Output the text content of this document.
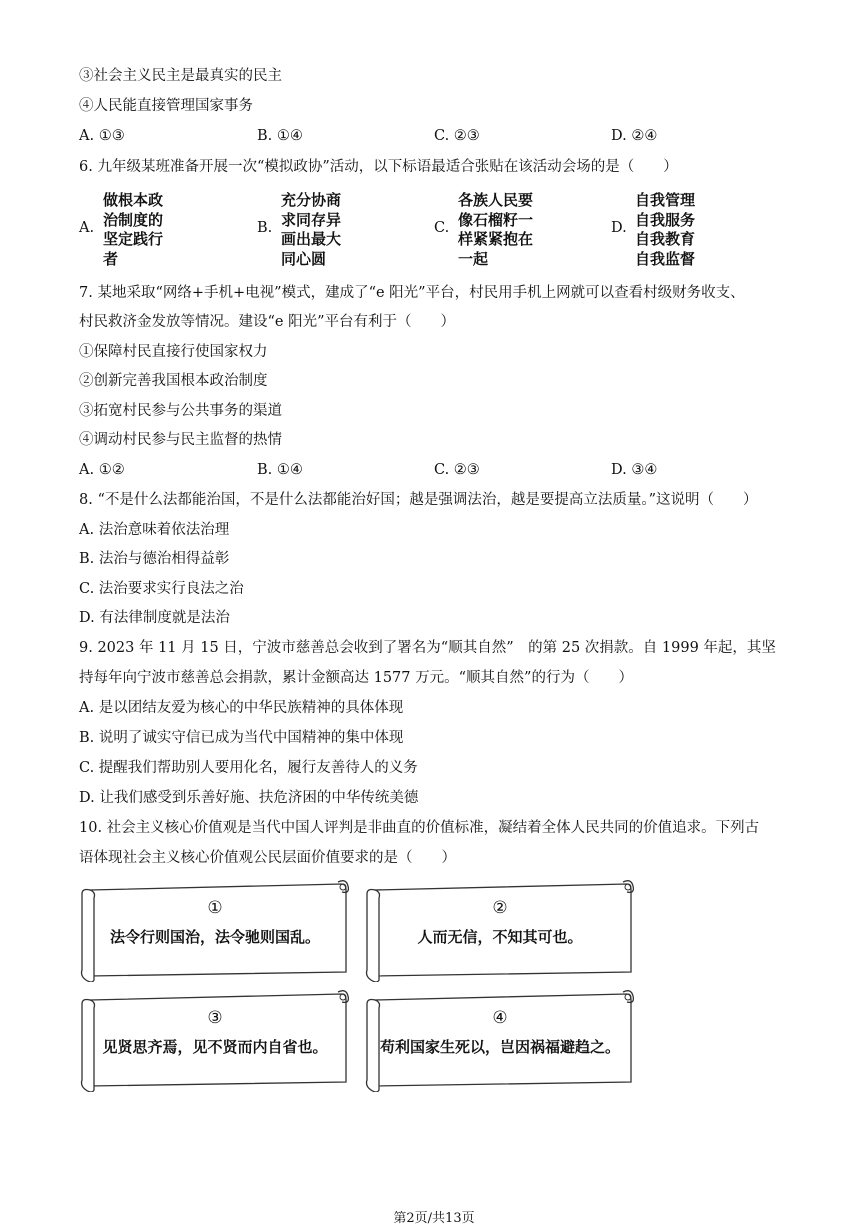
③社会主义民主是最真实的民主
④人民能直接管理国家事务
A. ①③	B. ①④	C. ②③	D. ②④
6. 九年级某班准备开展一次“模拟政协”活动，以下标语最适合张贴在该活动会场的是（　　）
A.
做根本政治制度的坚定践行者
B.
充分协商求同存异画出最大同心圆
C.
各族人民要像石榴籽一样紧紧抱在一起
D.
自我管理自我服务自我教育自我监督
7. 某地采取“网络+手机+电视”模式，建成了“e 阳光”平台，村民用手机上网就可以查看村级财务收支、
村民救济金发放等情况。建设“e 阳光”平台有利于（　　）
①保障村民直接行使国家权力
②创新完善我国根本政治制度
③拓宽村民参与公共事务的渠道
④调动村民参与民主监督的热情
A. ①②	B. ①④	C. ②③	D. ③④
8. “不是什么法都能治国，不是什么法都能治好国；越是强调法治，越是要提高立法质量。”这说明（　　）
A. 法治意味着依法治理
B. 法治与德治相得益彰
C. 法治要求实行良法之治
D. 有法律制度就是法治
9. 2023 年 11 月 15 日，宁波市慈善总会收到了署名为“顺其自然”　的第 25 次捐款。自 1999 年起，其坚
持每年向宁波市慈善总会捐款，累计金额高达 1577 万元。“顺其自然”的行为（　　）
A. 是以团结友爱为核心的中华民族精神的具体体现
B. 说明了诚实守信已成为当代中国精神的集中体现
C. 提醒我们帮助别人要用化名，履行友善待人的义务
D. 让我们感受到乐善好施、扶危济困的中华传统美德
10. 社会主义核心价值观是当代中国人评判是非曲直的价值标准，凝结着全体人民共同的价值追求。下列古
语体现社会主义核心价值观公民层面价值要求的是（　　）
①
法令行则国治，法令驰则国乱。
②
人而无信，不知其可也。
③
见贤思齐焉，见不贤而内自省也。
④
苟利国家生死以，岂因祸福避趋之。
第2页/共13页
